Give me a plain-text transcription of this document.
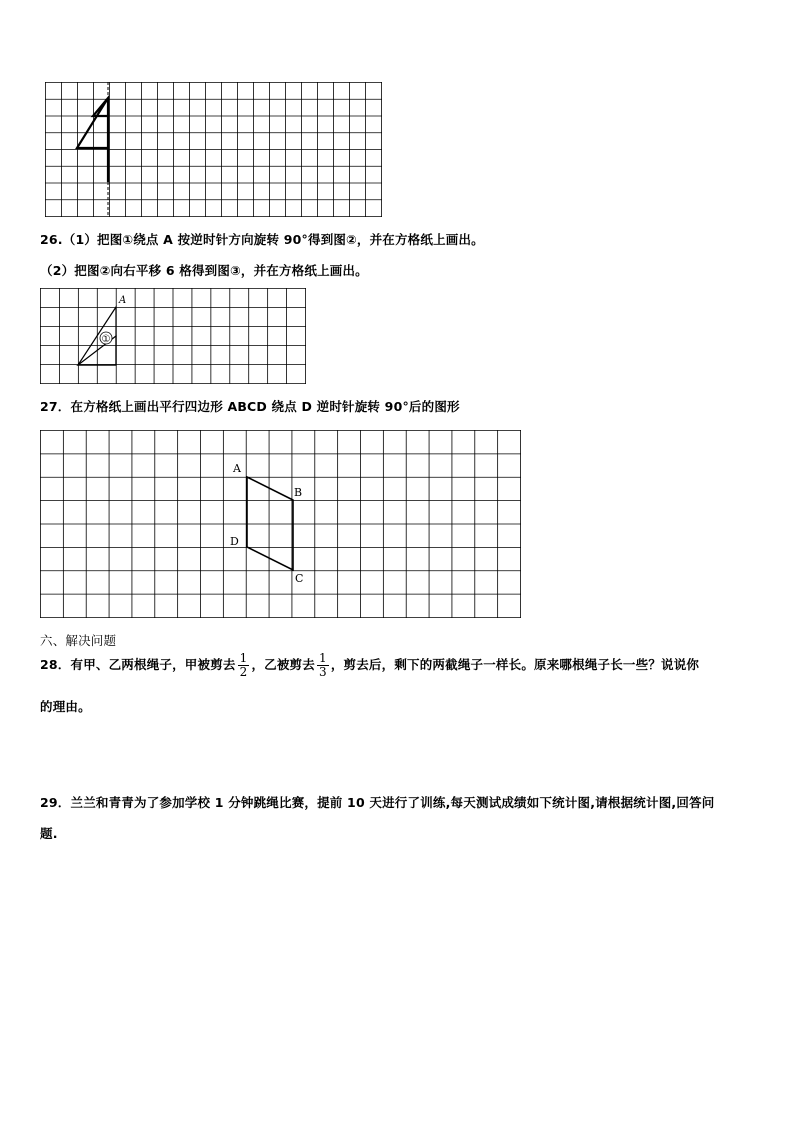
26.（1）把图①绕点 A 按逆时针方向旋转 90°得到图②，并在方格纸上画出。
（2）把图②向右平移 6 格得到图③，并在方格纸上画出。
①
A
27．在方格纸上画出平行四边形 ABCD 绕点 D 逆时针旋转 90°后的图形
A
B
C
D
六、解决问题
28．有甲、乙两根绳子，甲被剪去 $\frac{1}{2}$ ，乙被剪去 $\frac{1}{3}$ ，剪去后，剩下的两截绳子一样长。原来哪根绳子长一些？说说你
的理由。
29．兰兰和青青为了参加学校 1 分钟跳绳比赛，提前 10 天进行了训练,每天测试成绩如下统计图,请根据统计图,回答问
题.
